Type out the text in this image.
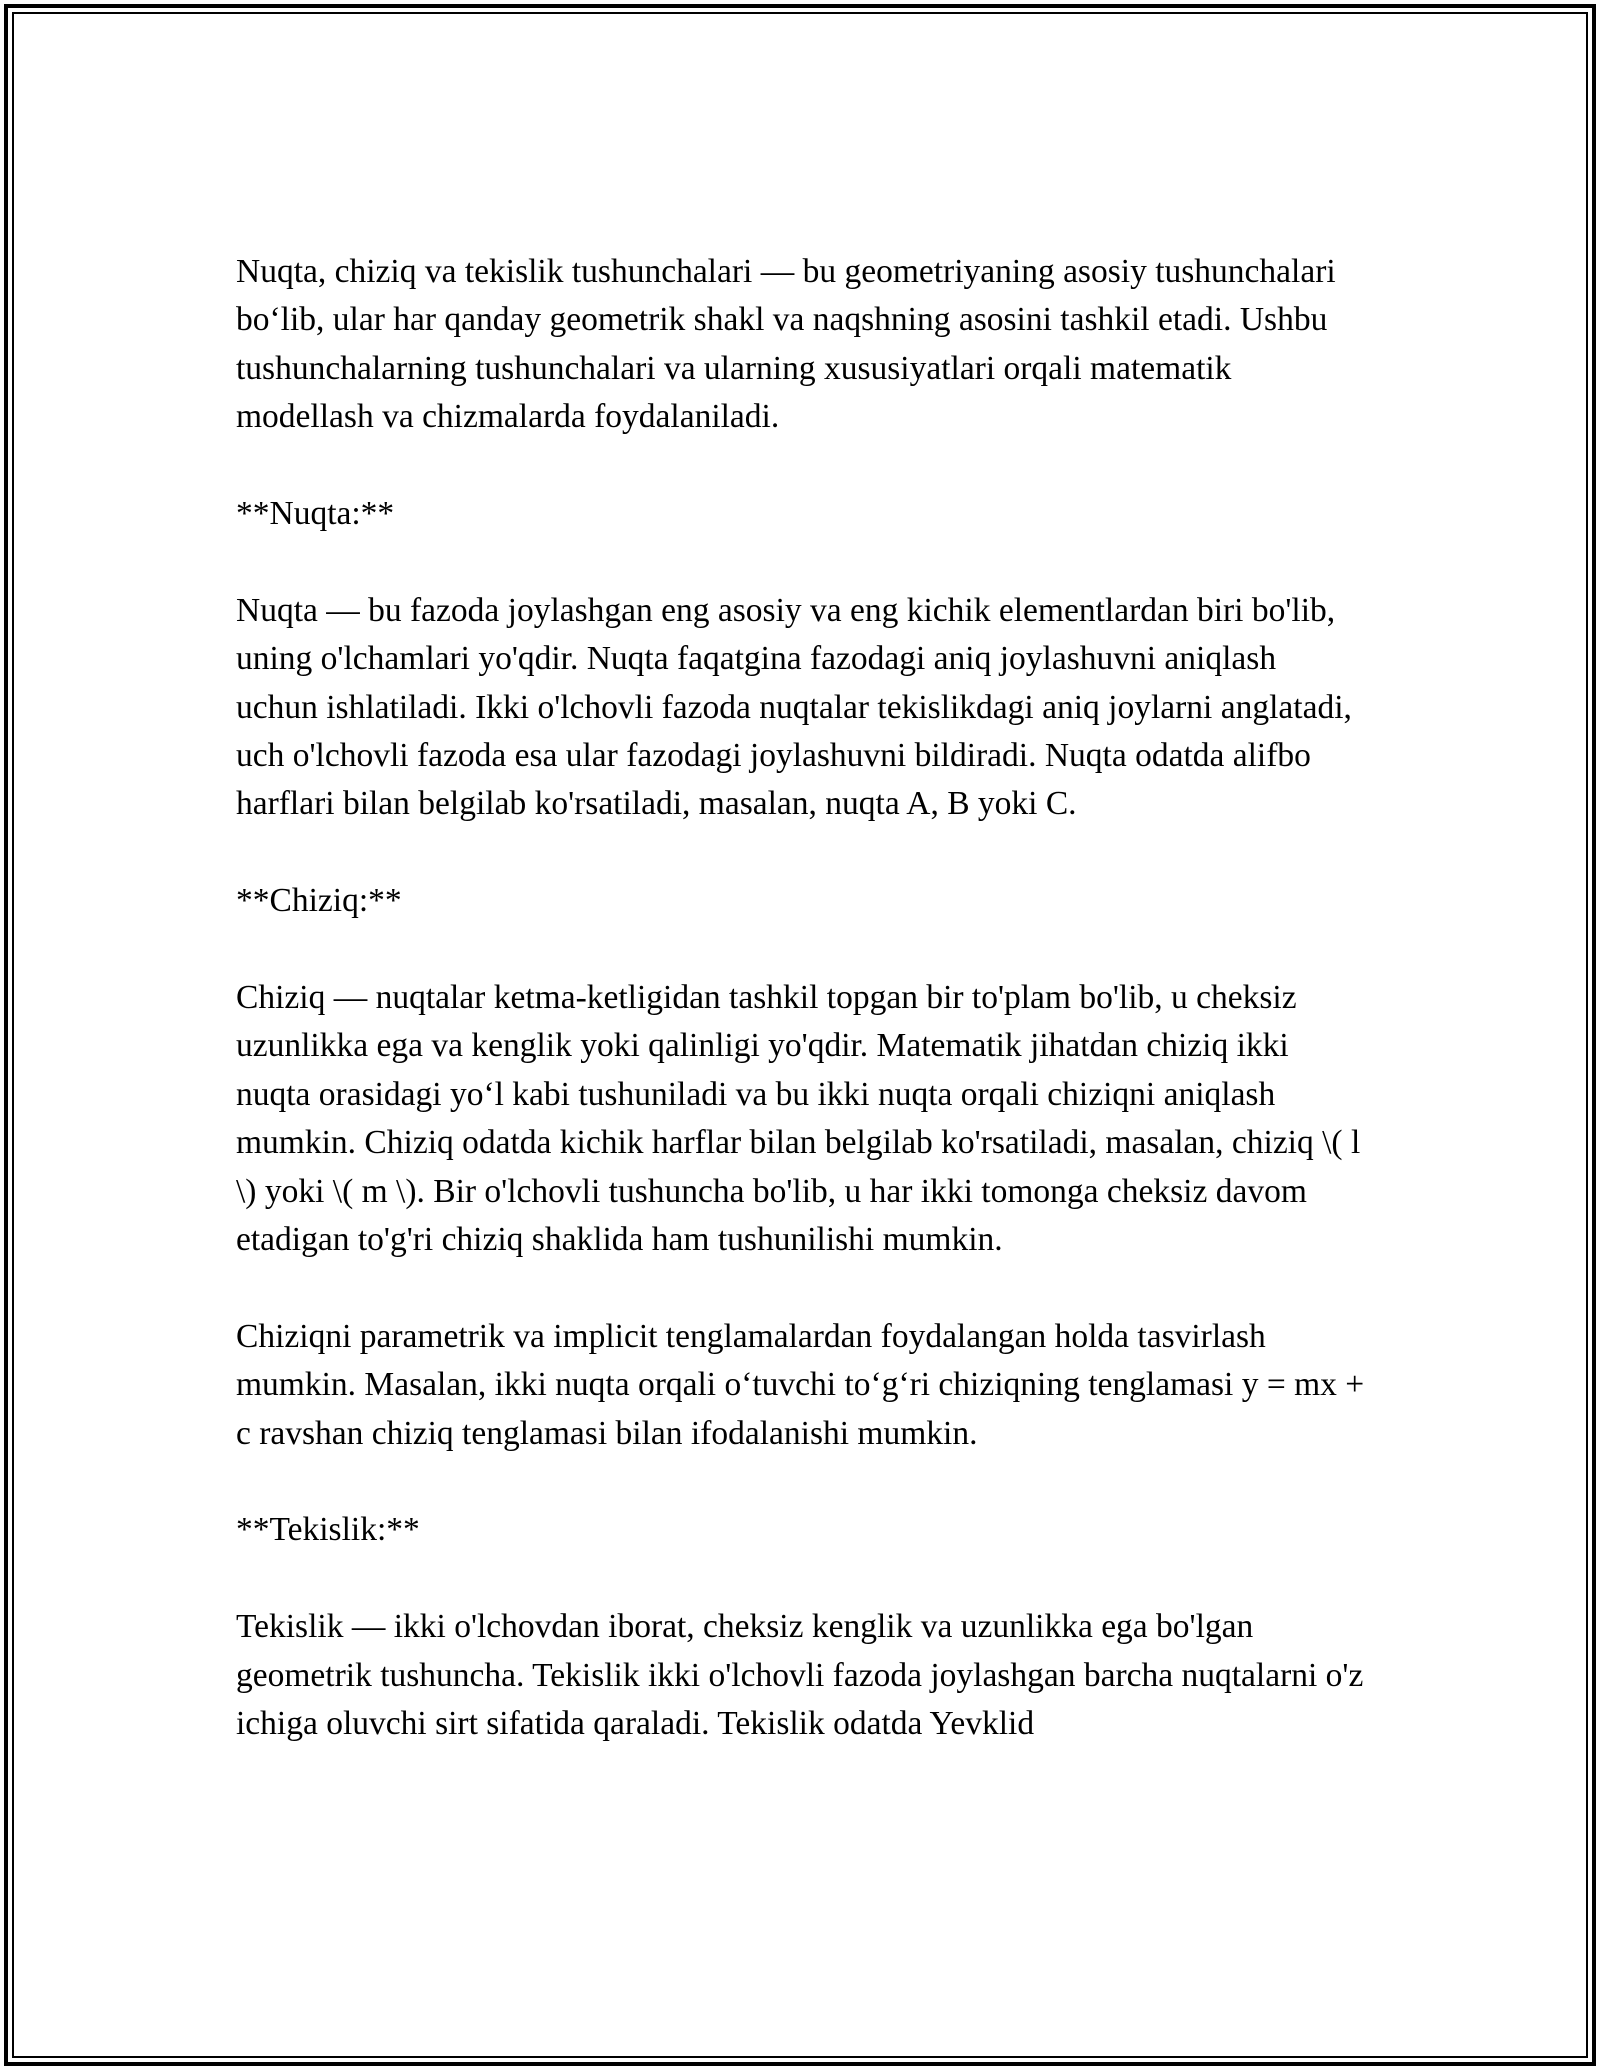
Nuqta, chiziq va tekislik tushunchalari — bu geometriyaning asosiy tushunchalari bo‘lib, ular har qanday geometrik shakl va naqshning asosini tashkil etadi. Ushbu tushunchalarning tushunchalari va ularning xususiyatlari orqali matematik modellash va chizmalarda foydalaniladi.

**Nuqta:**

Nuqta — bu fazoda joylashgan eng asosiy va eng kichik elementlardan biri bo'lib, uning o'lchamlari yo'qdir. Nuqta faqatgina fazodagi aniq joylashuvni aniqlash uchun ishlatiladi. Ikki o'lchovli fazoda nuqtalar tekislikdagi aniq joylarni anglatadi, uch o'lchovli fazoda esa ular fazodagi joylashuvni bildiradi. Nuqta odatda alifbo harflari bilan belgilab ko'rsatiladi, masalan, nuqta A, B yoki C.

**Chiziq:**

Chiziq — nuqtalar ketma-ketligidan tashkil topgan bir to'plam bo'lib, u cheksiz uzunlikka ega va kenglik yoki qalinligi yo'qdir. Matematik jihatdan chiziq ikki nuqta orasidagi yo‘l kabi tushuniladi va bu ikki nuqta orqali chiziqni aniqlash mumkin. Chiziq odatda kichik harflar bilan belgilab ko'rsatiladi, masalan, chiziq \( l \) yoki \( m \). Bir o'lchovli tushuncha bo'lib, u har ikki tomonga cheksiz davom etadigan to'g'ri chiziq shaklida ham tushunilishi mumkin.

Chiziqni parametrik va implicit tenglamalardan foydalangan holda tasvirlash mumkin. Masalan, ikki nuqta orqali o‘tuvchi to‘g‘ri chiziqning tenglamasi y = mx + c ravshan chiziq tenglamasi bilan ifodalanishi mumkin.

**Tekislik:**

Tekislik — ikki o'lchovdan iborat, cheksiz kenglik va uzunlikka ega bo'lgan geometrik tushuncha. Tekislik ikki o'lchovli fazoda joylashgan barcha nuqtalarni o'z ichiga oluvchi sirt sifatida qaraladi. Tekislik odatda Yevklid
